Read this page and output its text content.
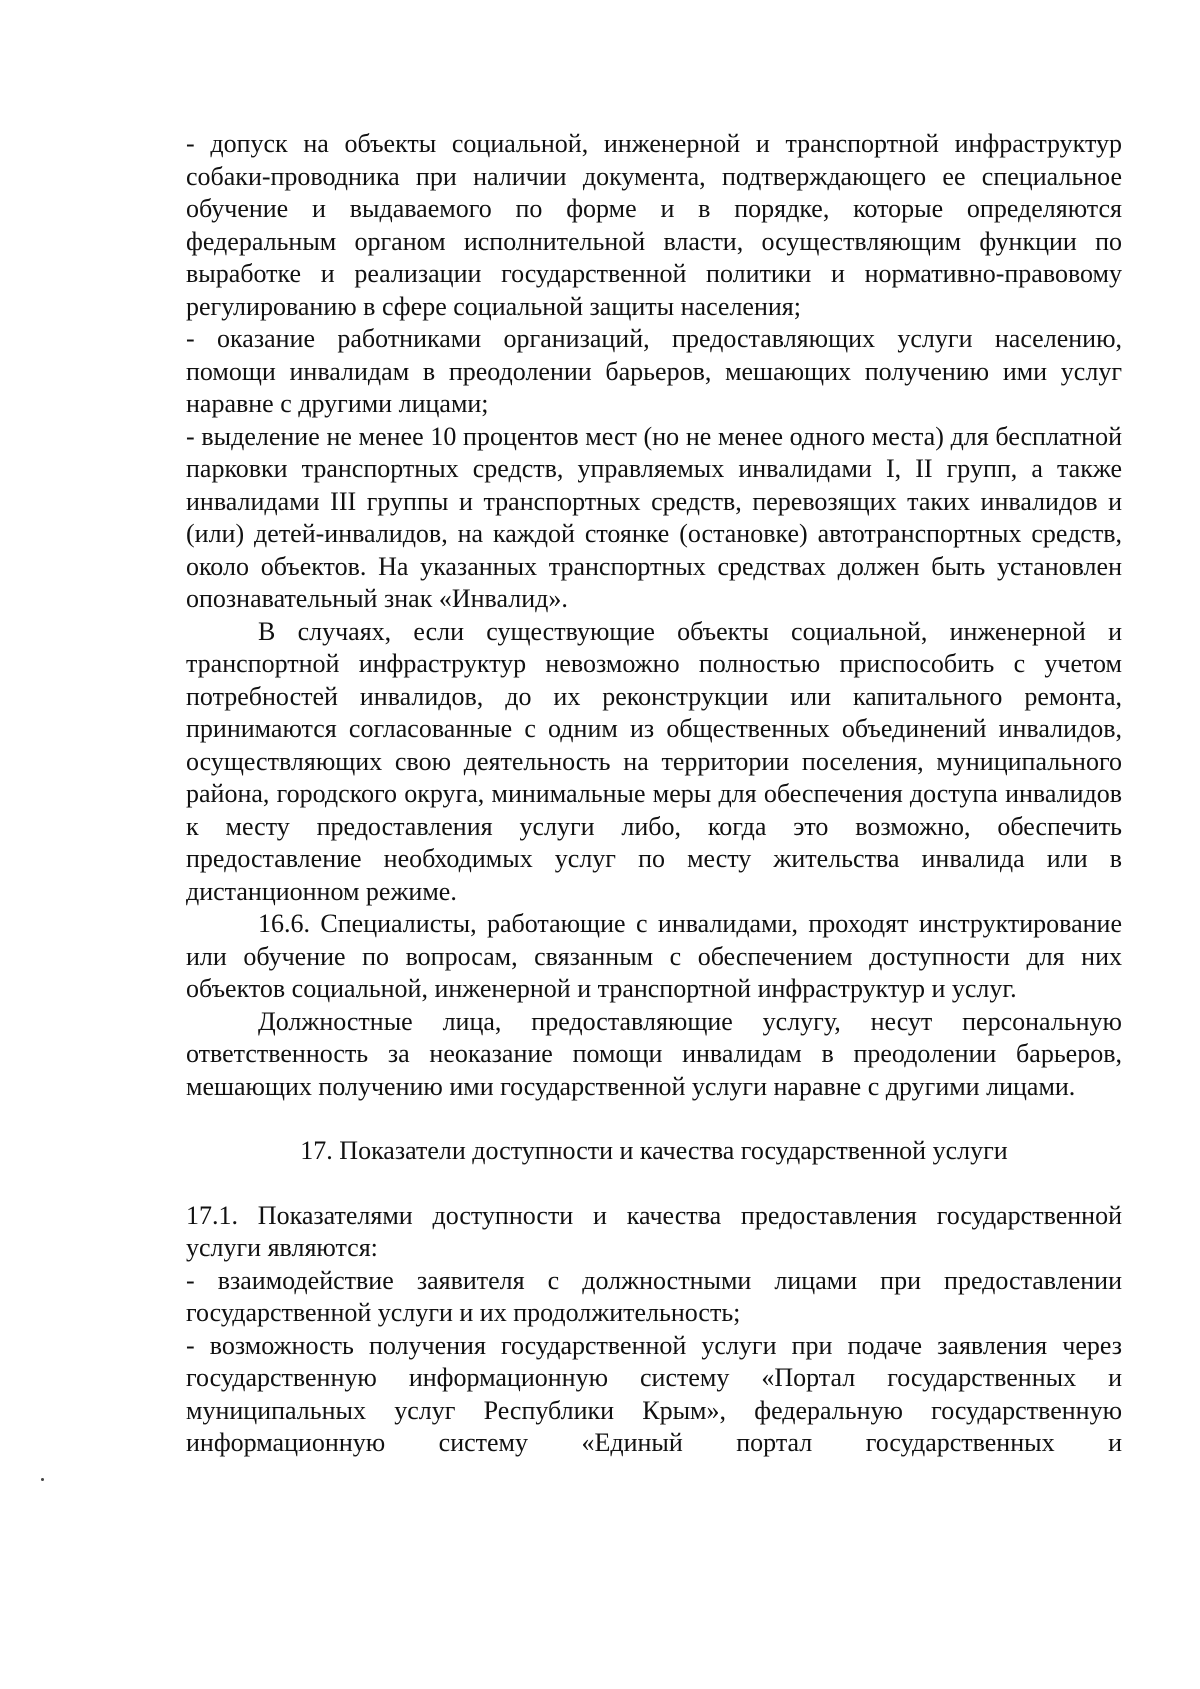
- допуск на объекты социальной, инженерной и транспортной инфраструктур собаки-проводника при наличии документа, подтверждающего ее специальное обучение и выдаваемого по форме и в порядке, которые определяются федеральным органом исполнительной власти, осуществляющим функции по выработке и реализации государственной политики и нормативно-правовому регулированию в сфере социальной защиты населения;

- оказание работниками организаций, предоставляющих услуги населению, помощи инвалидам в преодолении барьеров, мешающих получению ими услуг наравне с другими лицами;

- выделение не менее 10 процентов мест (но не менее одного места) для бесплатной парковки транспортных средств, управляемых инвалидами I, II групп, а также инвалидами III группы и транспортных средств, перевозящих таких инвалидов и (или) детей-инвалидов, на каждой стоянке (остановке) автотранспортных средств, около объектов. На указанных транспортных средствах должен быть установлен опознавательный знак «Инвалид».

В случаях, если существующие объекты социальной, инженерной и транспортной инфраструктур невозможно полностью приспособить с учетом потребностей инвалидов, до их реконструкции или капитального ремонта, принимаются согласованные с одним из общественных объединений инвалидов, осуществляющих свою деятельность на территории поселения, муниципального района, городского округа, минимальные меры для обеспечения доступа инвалидов к месту предоставления услуги либо, когда это возможно, обеспечить предоставление необходимых услуг по месту жительства инвалида или в дистанционном режиме.

16.6. Специалисты, работающие с инвалидами, проходят инструктирование или обучение по вопросам, связанным с обеспечением доступности для них объектов социальной, инженерной и транспортной инфраструктур и услуг.

Должностные лица, предоставляющие услугу, несут персональную ответственность за неоказание помощи инвалидам в преодолении барьеров, мешающих получению ими государственной услуги наравне с другими лицами.

17. Показатели доступности и качества государственной услуги

17.1. Показателями доступности и качества предоставления государственной услуги являются:

- взаимодействие заявителя с должностными лицами при предоставлении государственной услуги и их продолжительность;

- возможность получения государственной услуги при подаче заявления через государственную информационную систему «Портал государственных и муниципальных услуг Республики Крым», федеральную государственную информационную систему «Единый портал государственных и
